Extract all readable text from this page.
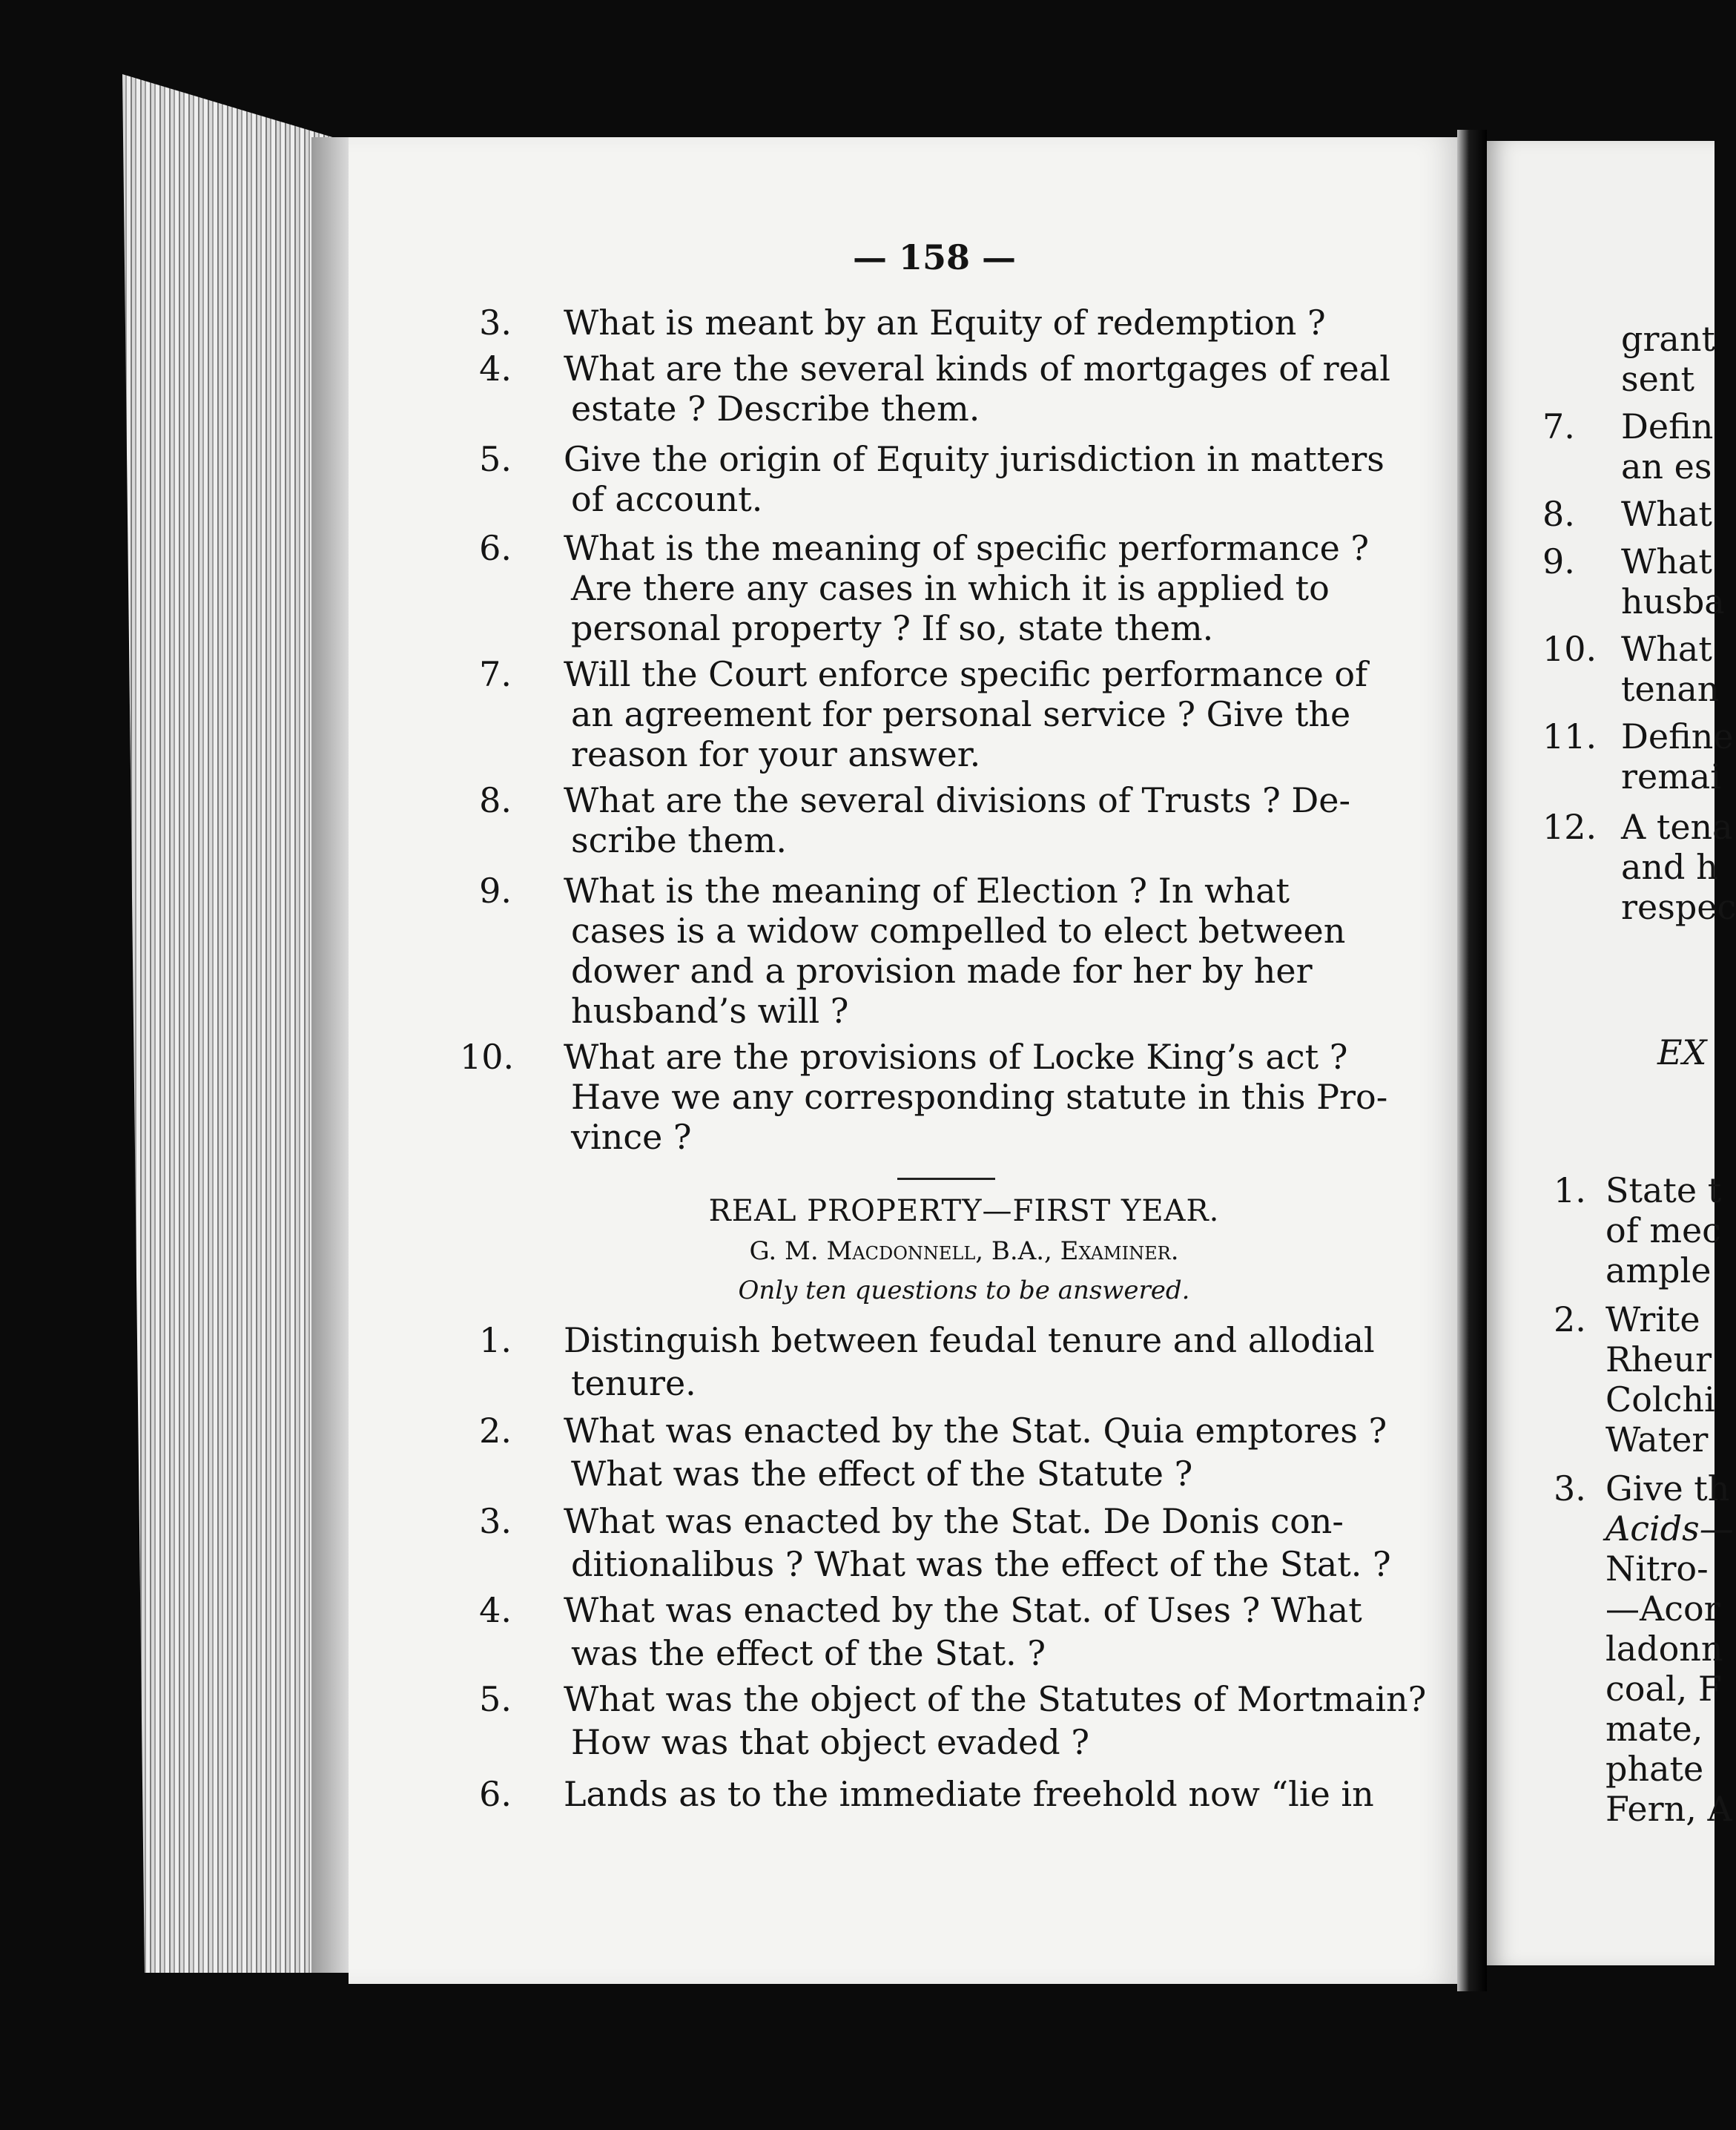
— 158 —
3. What is meant by an Equity of redemption ?
4. What are the several kinds of mortgages of real
estate ? Describe them.
5. Give the origin of Equity jurisdiction in matters
of account.
6. What is the meaning of specific performance ?
Are there any cases in which it is applied to
personal property ? If so, state them.
7. Will the Court enforce specific performance of
an agreement for personal service ? Give the
reason for your answer.
8. What are the several divisions of Trusts ? De-
scribe them.
9. What is the meaning of Election ? In what
cases is a widow compelled to elect between
dower and a provision made for her by her
husband’s will ?
10. What are the provisions of Locke King’s act ?
Have we any corresponding statute in this Pro-
vince ?
REAL PROPERTY—FIRST YEAR.
G. M. Macdonnell, B.A., Examiner.
Only ten questions to be answered.
1. Distinguish between feudal tenure and allodial
tenure.
2. What was enacted by the Stat. Quia emptores ?
What was the effect of the Statute ?
3. What was enacted by the Stat. De Donis con-
ditionalibus ? What was the effect of the Stat. ?
4. What was enacted by the Stat. of Uses ? What
was the effect of the Stat. ?
5. What was the object of the Statutes of Mortmain?
How was that object evaded ?
6. Lands as to the immediate freehold now “lie in
grant
sent
7. Defin
an es
8. What
9. What
husba
10. What
tenan
11. Define
remai
12. A tena
and h
respec
EX
1. State t
of mec
ample
2. Write
Rheur
Colchi
Water
3. Give th
Acids—
Nitro-
—Acor
ladonn
coal, F
mate,
phate
Fern, A
